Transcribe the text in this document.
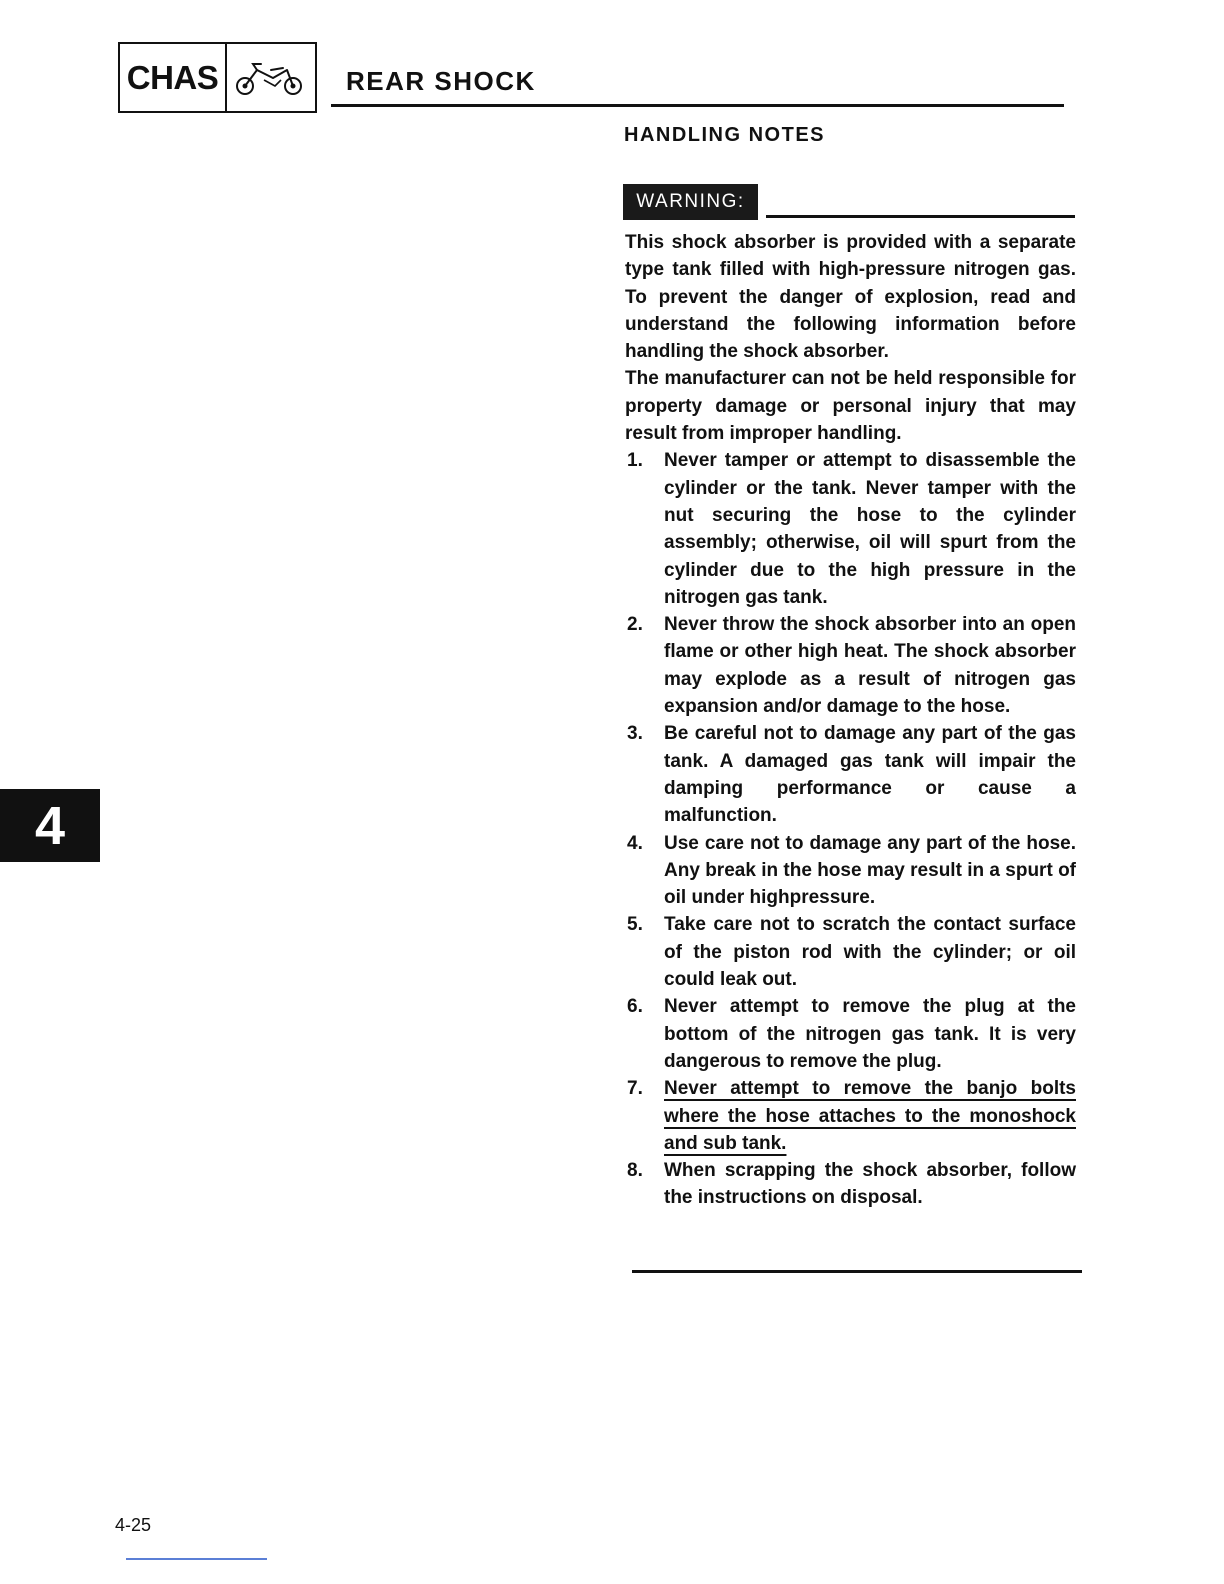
CHAS	REAR SHOCK
HANDLING NOTES
WARNING:

This shock absorber is provided with a separate type tank filled with high-pressure nitrogen gas. To prevent the danger of explosion, read and understand the following information before handling the shock absorber.

The manufacturer can not be held responsible for property damage or personal injury that may result from improper handling.

1.	Never tamper or attempt to disassemble the cylinder or the tank. Never tamper with the nut securing the hose to the cylinder assembly; otherwise, oil will spurt from the cylinder due to the high pressure in the nitrogen gas tank.
2.	Never throw the shock absorber into an open flame or other high heat. The shock absorber may explode as a result of nitrogen gas expansion and/or damage to the hose.
3.	Be careful not to damage any part of the gas tank. A damaged gas tank will impair the damping performance or cause a malfunction.
4.	Use care not to damage any part of the hose. Any break in the hose may result in a spurt of oil under highpressure.
5.	Take care not to scratch the contact surface of the piston rod with the cylinder; or oil could leak out.
6.	Never attempt to remove the plug at the bottom of the nitrogen gas tank. It is very dangerous to remove the plug.
7.	Never attempt to remove the banjo bolts where the hose attaches to the monoshock and sub tank.
8.	When scrapping the shock absorber, follow the instructions on disposal.
4
4-25
